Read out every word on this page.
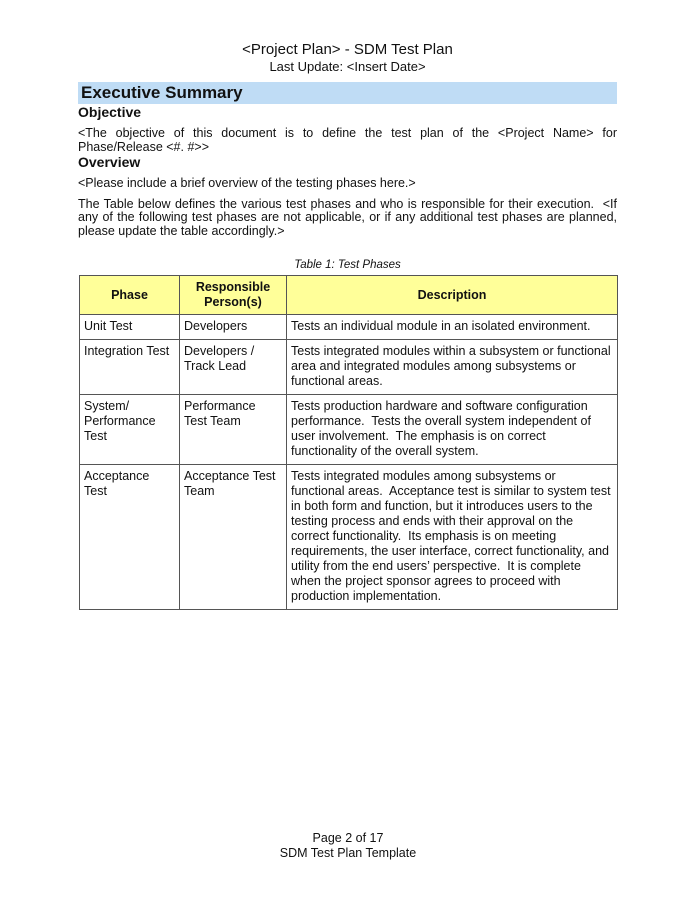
<Project Plan> - SDM Test Plan
Last Update: <Insert Date>
Executive Summary
Objective

<The objective of this document is to define the test plan of the <Project Name> for Phase/Release <#. #>>

Overview

<Please include a brief overview of the testing phases here.>

The Table below defines the various test phases and who is responsible for their execution.  <If any of the following test phases are not applicable, or if any additional test phases are planned, please update the table accordingly.>

Table 1: Test Phases
Phase	Responsible Person(s)	Description
Unit Test	Developers	Tests an individual module in an isolated environment.
Integration Test	Developers / Track Lead	Tests integrated modules within a subsystem or functional area and integrated modules among subsystems or functional areas.
System/ Performance Test	Performance Test Team	Tests production hardware and software configuration performance.  Tests the overall system independent of user involvement.  The emphasis is on correct functionality of the overall system.
Acceptance Test	Acceptance Test Team	Tests integrated modules among subsystems or functional areas.  Acceptance test is similar to system test in both form and function, but it introduces users to the testing process and ends with their approval on the correct functionality.  Its emphasis is on meeting requirements, the user interface, correct functionality, and utility from the end users’ perspective.  It is complete when the project sponsor agrees to proceed with production implementation.
Page 2 of 17
SDM Test Plan Template
